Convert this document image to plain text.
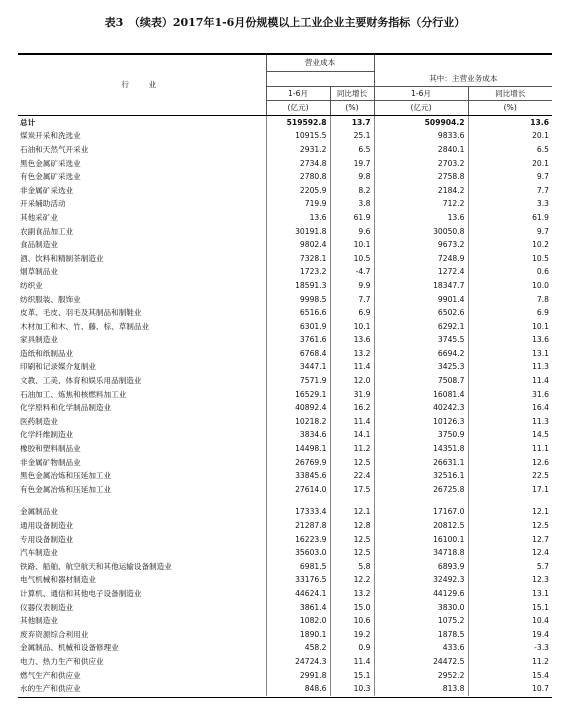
表3　（续表）2017年1-6月份规模以上工业企业主要财务指标（分行业）
行　业	营业成本			
			其中：主营业务成本	
	1-6月	同比增长	1-6月	同比增长
	(亿元)	(%)	(亿元)	(%)
总计	519592.8	13.7	509904.2	13.6
煤炭开采和洗选业	10915.5	25.1	9833.6	20.1
石油和天然气开采业	2931.2	6.5	2840.1	6.5
黑色金属矿采选业	2734.8	19.7	2703.2	20.1
有色金属矿采选业	2780.8	9.8	2758.8	9.7
非金属矿采选业	2205.9	8.2	2184.2	7.7
开采辅助活动	719.9	3.8	712.2	3.3
其他采矿业	13.6	61.9	13.6	61.9
农副食品加工业	30191.8	9.6	30050.8	9.7
食品制造业	9802.4	10.1	9673.2	10.2
酒、饮料和精制茶制造业	7328.1	10.5	7248.9	10.5
烟草制品业	1723.2	-4.7	1272.4	0.6
纺织业	18591.3	9.9	18347.7	10.0
纺织服装、服饰业	9998.5	7.7	9901.4	7.8
皮革、毛皮、羽毛及其制品和制鞋业	6516.6	6.9	6502.6	6.9
木材加工和木、竹、藤、棕、草制品业	6301.9	10.1	6292.1	10.1
家具制造业	3761.6	13.6	3745.5	13.6
造纸和纸制品业	6768.4	13.2	6694.2	13.1
印刷和记录媒介复制业	3447.1	11.4	3425.3	11.3
文教、工美、体育和娱乐用品制造业	7571.9	12.0	7508.7	11.4
石油加工、炼焦和核燃料加工业	16529.1	31.9	16081.4	31.6
化学原料和化学制品制造业	40892.4	16.2	40242.3	16.4
医药制造业	10218.2	11.4	10126.3	11.3
化学纤维制造业	3834.6	14.1	3750.9	14.5
橡胶和塑料制品业	14498.1	11.2	14351.8	11.1
非金属矿物制品业	26769.9	12.5	26631.1	12.6
黑色金属冶炼和压延加工业	33845.6	22.4	32516.1	22.5
有色金属冶炼和压延加工业	27614.0	17.5	26725.8	17.1

金属制品业	17333.4	12.1	17167.0	12.1
通用设备制造业	21287.8	12.8	20812.5	12.5
专用设备制造业	16223.9	12.5	16100.1	12.7
汽车制造业	35603.0	12.5	34718.8	12.4
铁路、船舶、航空航天和其他运输设备制造业	6981.5	5.8	6893.9	5.7
电气机械和器材制造业	33176.5	12.2	32492.3	12.3
计算机、通信和其他电子设备制造业	44624.1	13.2	44129.6	13.1
仪器仪表制造业	3861.4	15.0	3830.0	15.1
其他制造业	1082.0	10.6	1075.2	10.4
废弃资源综合利用业	1890.1	19.2	1878.5	19.4
金属制品、机械和设备修理业	458.2	0.9	433.6	-3.3
电力、热力生产和供应业	24724.3	11.4	24472.5	11.2
燃气生产和供应业	2991.8	15.1	2952.2	15.4
水的生产和供应业	848.6	10.3	813.8	10.7
